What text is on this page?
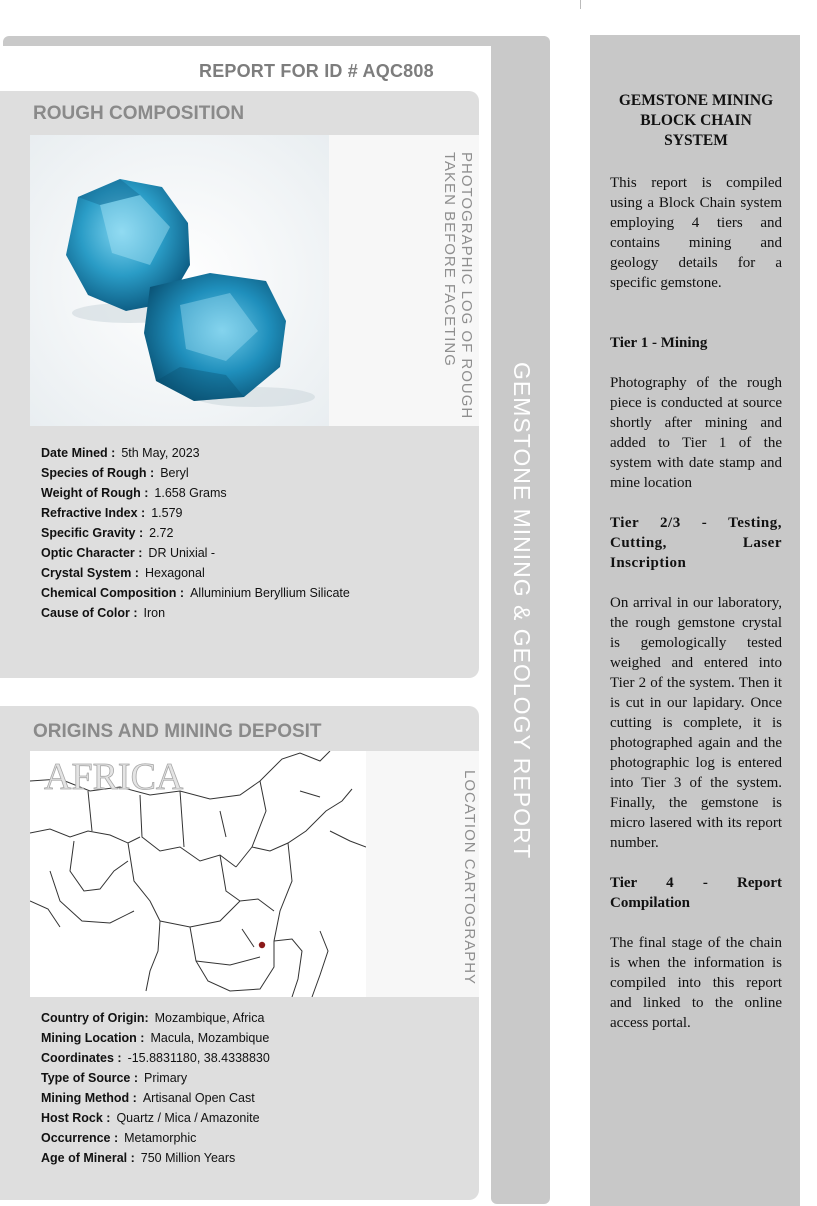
REPORT FOR ID # AQC808
ROUGH COMPOSITION
PHOTOGRAPHIC LOG OF ROUGH
TAKEN BEFORE FACETING
Date Mined : 5th May, 2023
Species of Rough : Beryl
Weight of Rough : 1.658 Grams
Refractive Index : 1.579
Specific Gravity : 2.72
Optic Character : DR Unixial -
Crystal System : Hexagonal
Chemical Composition : Alluminium Beryllium Silicate
Cause of Color : Iron
ORIGINS AND MINING DEPOSIT
AFRICA	LOCATION CARTOGRAPHY
Country of Origin: Mozambique, Africa
Mining Location : Macula, Mozambique
Coordinates : -15.8831180, 38.4338830
Type of Source : Primary
Mining Method : Artisanal Open Cast
Host Rock : Quartz / Mica / Amazonite
Occurrence : Metamorphic
Age of Mineral : 750 Million Years
GEMSTONE MINING & GEOLOGY REPORT
GEMSTONE MINING BLOCK CHAIN SYSTEM

This report is compiled using a Block Chain system employing 4 tiers and contains mining and geology details for a specific gemstone.

Tier 1 - Mining

Photography of the rough piece is conducted at source shortly after mining and added to Tier 1 of the system with date stamp and mine location

Tier 2/3 - Testing, Cutting, Laser Inscription

On arrival in our laboratory, the rough gemstone crystal is gemologically tested weighed and entered into Tier 2 of the system. Then it is cut in our lapidary. Once cutting is complete, it is photographed again and the photographic log is entered into Tier 3 of the system. Finally, the gemstone is micro lasered with its report number.

Tier 4 - Report Compilation

The final stage of the chain is when the information is compiled into this report and linked to the online access portal.
